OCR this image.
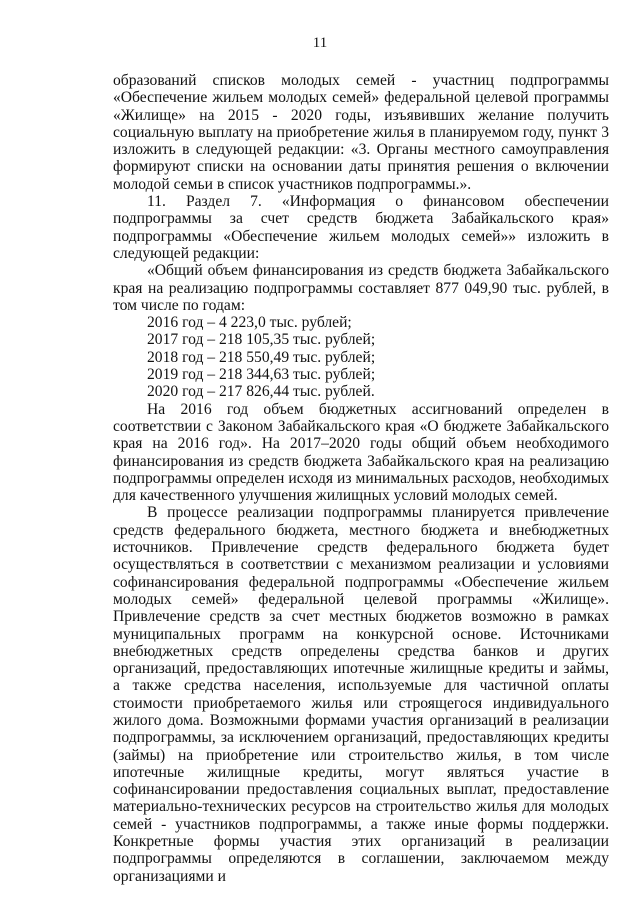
11

образований списков молодых семей - участниц подпрограммы «Обеспечение жильем молодых семей» федеральной целевой программы «Жилище» на 2015 - 2020 годы, изъявивших желание получить социальную выплату на приобретение жилья в планируемом году, пункт 3 изложить в следующей редакции: «3. Органы местного самоуправления формируют списки на основании даты принятия решения о включении молодой семьи в список участников подпрограммы.».

11. Раздел 7. «Информация о финансовом обеспечении подпрограммы за счет средств бюджета Забайкальского края» подпрограммы «Обеспечение жильем молодых семей»» изложить в следующей редакции:

«Общий объем финансирования из средств бюджета Забайкальского края на реализацию подпрограммы составляет 877 049,90 тыс. рублей, в том числе по годам:

2016 год – 4 223,0 тыс. рублей;

2017 год – 218 105,35 тыс. рублей;

2018 год – 218 550,49 тыс. рублей;

2019 год – 218 344,63 тыс. рублей;

2020 год – 217 826,44 тыс. рублей.

На 2016 год объем бюджетных ассигнований определен в соответствии с Законом Забайкальского края «О бюджете Забайкальского края на 2016 год». На 2017–2020 годы общий объем необходимого финансирования из средств бюджета Забайкальского края на реализацию подпрограммы определен исходя из минимальных расходов, необходимых для качественного улучшения жилищных условий молодых семей.

В процессе реализации подпрограммы планируется привлечение средств федерального бюджета, местного бюджета и внебюджетных источников. Привлечение средств федерального бюджета будет осуществляться в соответствии с механизмом реализации и условиями софинансирования федеральной подпрограммы «Обеспечение жильем молодых семей» федеральной целевой программы «Жилище». Привлечение средств за счет местных бюджетов возможно в рамках муниципальных программ на конкурсной основе. Источниками внебюджетных средств определены средства банков и других организаций, предоставляющих ипотечные жилищные кредиты и займы, а также средства населения, используемые для частичной оплаты стоимости приобретаемого жилья или строящегося индивидуального жилого дома. Возможными формами участия организаций в реализации подпрограммы, за исключением организаций, предоставляющих кредиты (займы) на приобретение или строительство жилья, в том числе ипотечные жилищные кредиты, могут являться участие в софинансировании предоставления социальных выплат, предоставление материально-технических ресурсов на строительство жилья для молодых семей - участников подпрограммы, а также иные формы поддержки. Конкретные формы участия этих организаций в реализации подпрограммы определяются в соглашении, заключаемом между организациями и
